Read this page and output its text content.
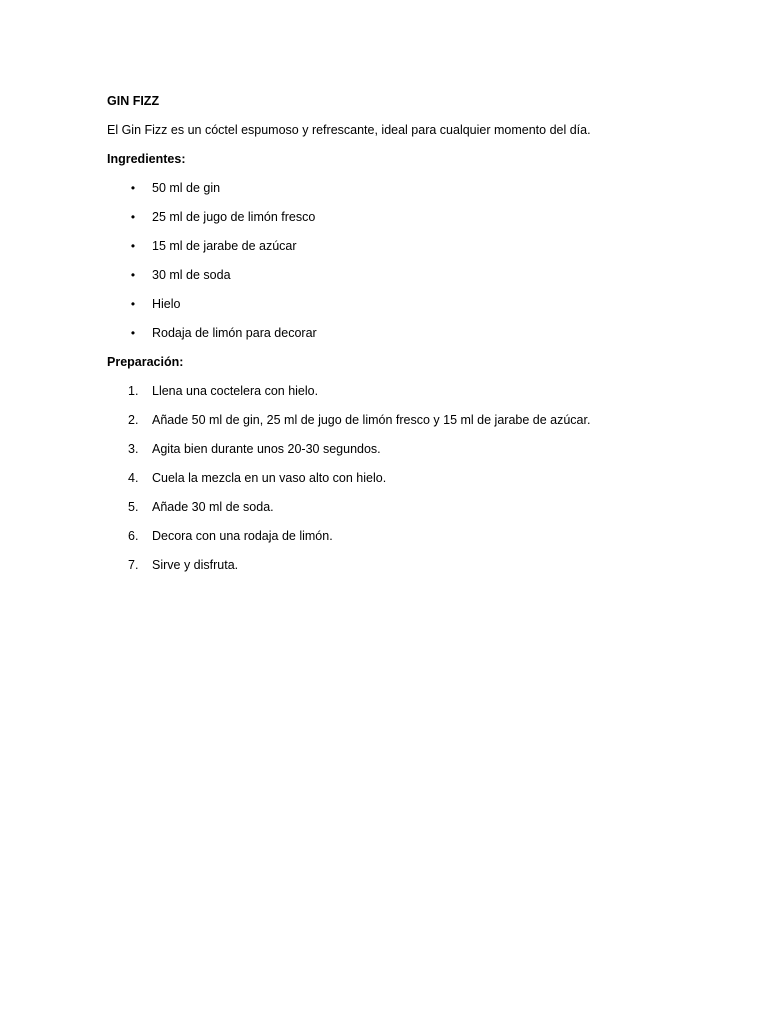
GIN FIZZ

El Gin Fizz es un cóctel espumoso y refrescante, ideal para cualquier momento del día.

Ingredientes:

• 50 ml de gin
• 25 ml de jugo de limón fresco
• 15 ml de jarabe de azúcar
• 30 ml de soda
• Hielo
• Rodaja de limón para decorar

Preparación:

1.	Llena una coctelera con hielo.
2.	Añade 50 ml de gin, 25 ml de jugo de limón fresco y 15 ml de jarabe de azúcar.
3.	Agita bien durante unos 20-30 segundos.
4.	Cuela la mezcla en un vaso alto con hielo.
5.	Añade 30 ml de soda.
6.	Decora con una rodaja de limón.
7.	Sirve y disfruta.
